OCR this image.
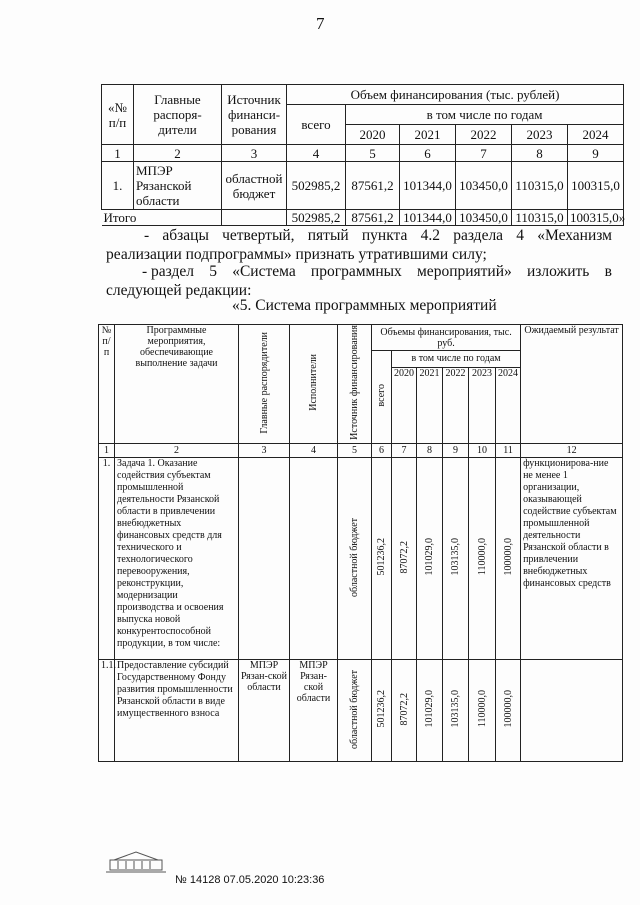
7
«№ п/п	Главные распоря-дители	Источник финанси-рования	Объем финансирования (тыс. рублей)					
			всего	в том числе по годам				
				2020	2021	2022	2023	2024
1	2	3	4	5	6	7	8	9
1.	МПЭР Рязанской области	областной бюджет	502985,2	87561,2	101344,0	103450,0	110315,0	100315,0
Итого			502985,2	87561,2	101344,0	103450,0	110315,0	100315,0»
- абзацы четвертый, пятый пункта 4.2 раздела 4 «Механизм реализации подпрограммы» признать утратившими силу;
- раздел 5 «Система программных мероприятий» изложить в
следующей редакции:
«5. Система программных мероприятий
№ п/п	Программные мероприятия, обеспечивающие выполнение задачи	Главные распорядители	Исполнители	Источник финансирования	Объемы финансирования, тыс. руб.						Ожидаемый результат
					всего	в том числе по годам					
						2020	2021	2022	2023	2024	
1	2	3	4	5	6	7	8	9	10	11	12
1.	Задача 1. Оказание содействия субъектам промышленной деятельности Рязанской области в привлечении внебюджетных финансовых средств для технического и технологического перевооружения, реконструкции, модернизации производства и освоения выпуска новой конкурентоспособной продукции, в том числе:			областной бюджет	501236,2	87072,2	101029,0	103135,0	110000,0	100000,0	функционирова-ние не менее 1 организации, оказывающей содействие субъектам промышленной деятельности Рязанской области в привлечении внебюджетных финансовых средств
1.1.	Предоставление субсидий Государственному Фонду развития промышленности Рязанской области в виде имущественного взноса	МПЭР Рязан-ской области	МПЭР Рязан-ской области	областной бюджет	501236,2	87072,2	101029,0	103135,0	110000,0	100000,0	
№ 14128 07.05.2020 10:23:36
